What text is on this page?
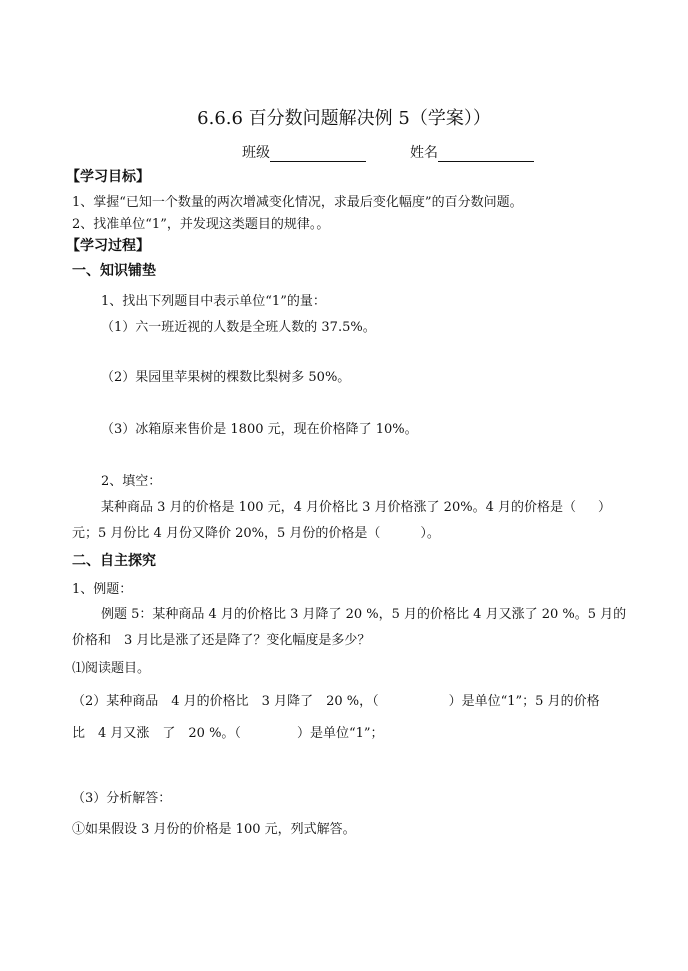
6.6.6 百分数问题解决例 5（学案））
班级	姓名
【学习目标】
1、掌握“已知一个数量的两次增减变化情况，求最后变化幅度”的百分数问题。
2、找准单位“1”，并发现这类题目的规律。。
【学习过程】
一、知识铺垫
1、找出下列题目中表示单位“1”的量：
（1）六一班近视的人数是全班人数的 37.5%。
（2）果园里苹果树的棵数比梨树多 50%。
（3）冰箱原来售价是 1800 元，现在价格降了 10%。
2、填空：
某种商品 3 月的价格是 100 元，4 月价格比 3 月价格涨了 20%。4 月的价格是（ ）
元；5 月份比 4 月份又降价 20%，5 月份的价格是（	）。
二、自主探究
1、例题：
例题 5：某种商品 4 月的价格比 3 月降了 20 %，5 月的价格比 4 月又涨了 20 %。5 月的
价格和　3 月比是涨了还是降了？变化幅度是多少？
⑴阅读题目。
（2）某种商品　4 月的价格比　3 月降了　20 %，（	）是单位“1”；5 月的价格
比　4 月又涨　了　20 %。（	）是单位“1”；
（3）分析解答：
①如果假设 3 月份的价格是 100 元，列式解答。
